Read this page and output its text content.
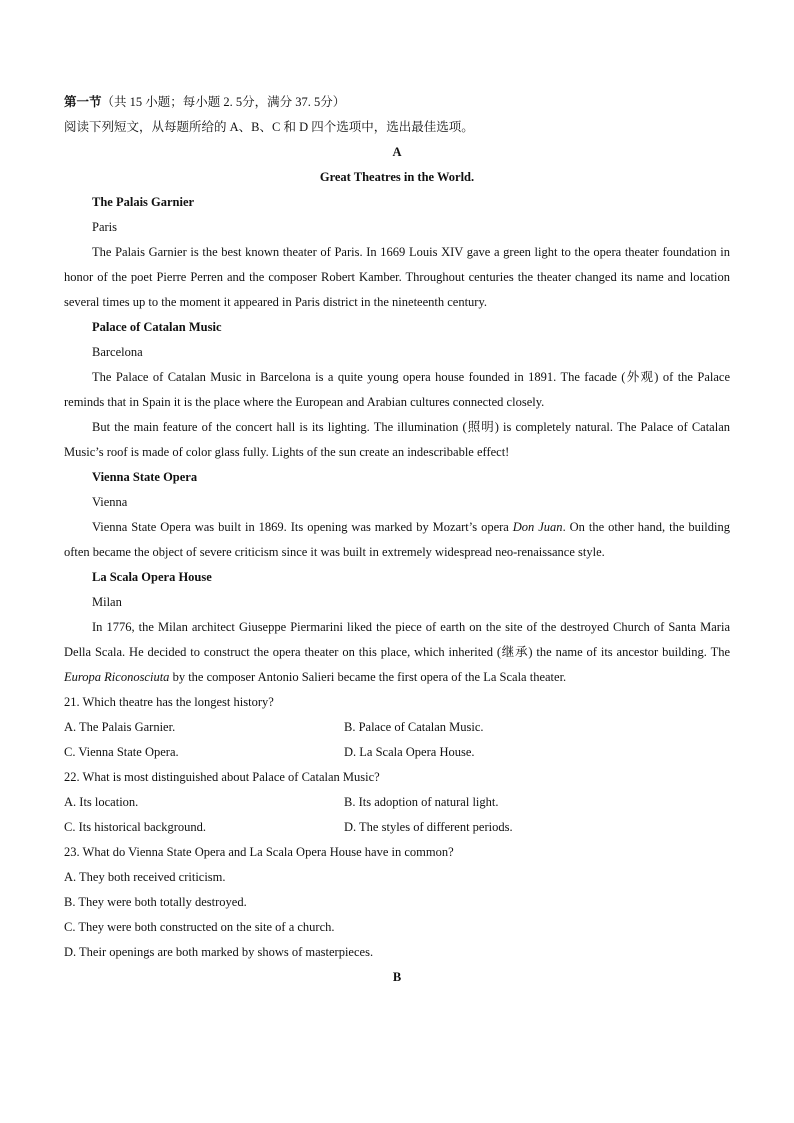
第一节（共 15 小题；每小题 2. 5分，满分 37. 5分）
阅读下列短文，从每题所给的 A、B、C 和 D 四个选项中，选出最佳选项。
A
Great Theatres in the World.
The Palais Garnier
Paris
The Palais Garnier is the best known theater of Paris. In 1669 Louis XIV gave a green light to the opera theater foundation in honor of the poet Pierre Perren and the composer Robert Kamber. Throughout centuries the theater changed its name and location several times up to the moment it appeared in Paris district in the nineteenth century.
Palace of Catalan Music
Barcelona
The Palace of Catalan Music in Barcelona is a quite young opera house founded in 1891. The facade (外观) of the Palace reminds that in Spain it is the place where the European and Arabian cultures connected closely.
But the main feature of the concert hall is its lighting. The illumination (照明) is completely natural. The Palace of Catalan Music’s roof is made of color glass fully. Lights of the sun create an indescribable effect!
Vienna State Opera
Vienna
Vienna State Opera was built in 1869. Its opening was marked by Mozart’s opera Don Juan. On the other hand, the building often became the object of severe criticism since it was built in extremely widespread neo-renaissance style.
La Scala Opera House
Milan
In 1776, the Milan architect Giuseppe Piermarini liked the piece of earth on the site of the destroyed Church of Santa Maria Della Scala. He decided to construct the opera theater on this place, which inherited (继承) the name of its ancestor building. The Europa Riconosciuta by the composer Antonio Salieri became the first opera of the La Scala theater.
21. Which theatre has the longest history?
A. The Palais Garnier.	B. Palace of Catalan Music.
C. Vienna State Opera.	D. La Scala Opera House.
22. What is most distinguished about Palace of Catalan Music?
A. Its location.	B. Its adoption of natural light.
C. Its historical background.	D. The styles of different periods.
23. What do Vienna State Opera and La Scala Opera House have in common?
A. They both received criticism.
B. They were both totally destroyed.
C. They were both constructed on the site of a church.
D. Their openings are both marked by shows of masterpieces.
B
